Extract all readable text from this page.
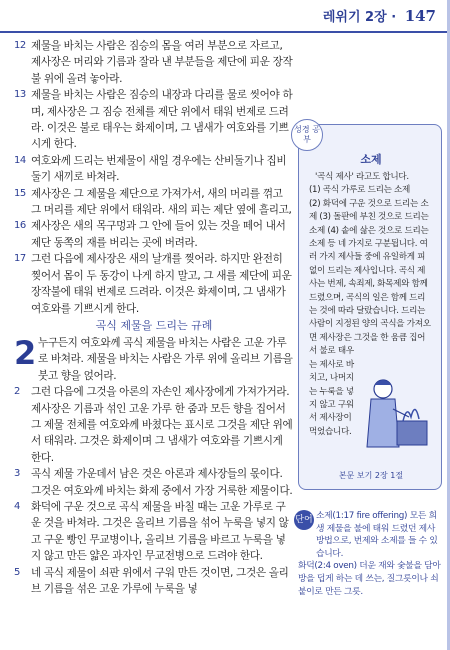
레위기 2장 · 147

12 제물을 바치는 사람은 짐승의 몸을 여러 부분으로 자르고, 제사장은 머리와 기름과 잘라 낸 부분들을 제단에 피운 장작불 위에 올려 놓아라.

13 제물을 바치는 사람은 짐승의 내장과 다리를 물로 씻어야 하며, 제사장은 그 짐승 전체를 제단 위에서 태워 번제로 드려라. 이것은 불로 태우는 화제이며, 그 냄새가 여호와를 기쁘시게 한다.

14 여호와께 드리는 번제물이 새일 경우에는 산비둘기나 집비둘기 새끼로 바쳐라.

15 제사장은 그 제물을 제단으로 가져가서, 새의 머리를 꺾고 그 머리를 제단 위에서 태워라. 새의 피는 제단 옆에 흘리고,

16 제사장은 새의 목구멍과 그 안에 들어 있는 것을 떼어 내서 제단 동쪽의 재를 버리는 곳에 버려라.

17 그런 다음에 제사장은 새의 날개를 찢어라. 하지만 완전히 찢어서 몸이 두 동강이 나게 하지 말고, 그 새를 제단에 피운 장작불에 태워 번제로 드려라. 이것은 화제이며, 그 냄새가 여호와를 기쁘시게 한다.

곡식 제물을 드리는 규례

2 누구든지 여호와께 곡식 제물을 바치는 사람은 고운 가루로 바쳐라. 제물을 바치는 사람은 가루 위에 올리브 기름을 붓고 향을 얹어라.

2 그런 다음에 그것을 아론의 자손인 제사장에게 가져가거라. 제사장은 기름과 섞인 고운 가루 한 줌과 모든 향을 집어서 그 제물 전체를 여호와께 바쳤다는 표시로 그것을 제단 위에서 태워라. 그것은 화제이며 그 냄새가 여호와를 기쁘시게 한다.

3 곡식 제물 가운데서 남은 것은 아론과 제사장들의 몫이다. 그것은 여호와께 바치는 화제 중에서 가장 거룩한 제물이다.

4 화덕에 구운 것으로 곡식 제물을 바칠 때는 고운 가루로 구운 것을 바쳐라. 그것은 올리브 기름을 섞어 누룩을 넣지 않고 구운 빵인 무교병이나, 올리브 기름을 바르고 누룩을 넣지 않고 만든 얇은 과자인 무교전병으로 드려야 한다.

5 네 곡식 제물이 쇠판 위에서 구워 만든 것이면, 그것은 올리브 기름을 섞은 고운 가루에 누룩을 넣

성경 공부
소제
'곡식 제사' 라고도 합니다.
(1) 곡식 가루로 드리는 소제
(2) 화덕에 구운 것으로 드리는 소제 (3) 돌판에 부친 것으로 드리는 소제 (4) 솥에 삶은 것으로 드리는 소제 등 네 가지로 구분됩니다. 여러 가지 제사들 중에 유일하게 피 없이 드리는 제사입니다. 곡식 제사는 번제, 속죄제, 화목제와 함께 드렸으며, 곡식의 일은 함께 드리는 것에 따라 달랐습니다. 드리는 사람이 지정된 양의 곡식을 가져오면 제사장은 그것을 한 움큼 집어
서 불로 태우는 제사로 바치고, 나머지는 누룩을 넣지 않고 구워서 제사장이 먹었습니다.
본문 보기 2장 1절
단어 소제(1:17 fire offering) 모든 희생 제물을 불에 태워 드렸던 제사 방법으로, 번제와 소제를 들 수 있습니다.
화덕(2:4 oven) 더운 재와 숯불을 담아 방을 덥게 하는 데 쓰는, 질그릇이나 쇠붙이로 만든 그릇.
